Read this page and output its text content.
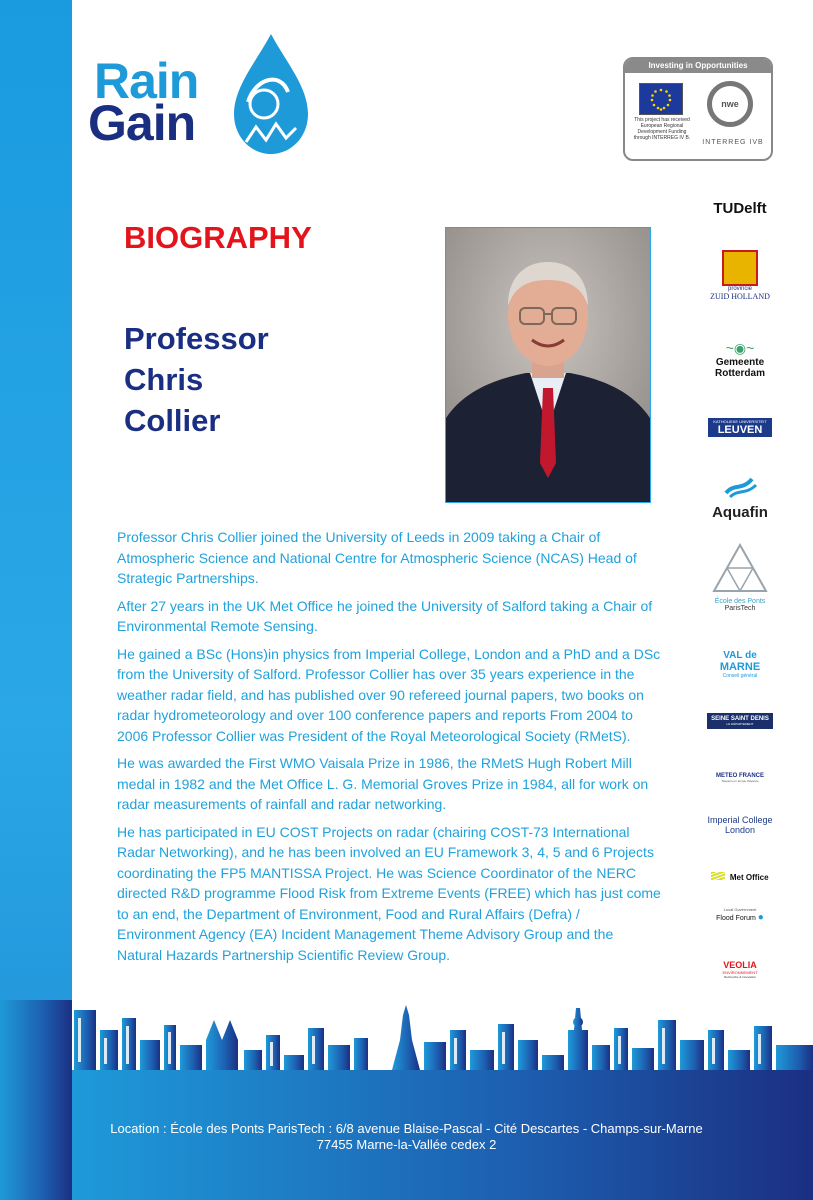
Rain
Gain
Investing in Opportunities
This project has received European Regional Development Funding through INTERREG IV B.
nwe
INTERREG IVB
BIOGRAPHY
Professor
Chris
Collier

Professor Chris Collier joined the University of Leeds in 2009 taking a Chair of Atmospheric Science and National Centre for Atmospheric Science (NCAS) Head of Strategic Partnerships.

After 27 years in the UK Met Office he joined the University of Salford taking a Chair of Environmental Remote Sensing.

He gained a BSc (Hons)in physics from Imperial College, London and a PhD and a DSc from the University of Salford. Professor Collier has over 35 years experience in the weather radar field, and has published over 90 refereed journal papers, two books on radar hydrometeorology and over 100 conference papers and reports From 2004 to 2006 Professor Collier was President of the Royal Meteorological Society (RMetS).

He was awarded the First WMO Vaisala Prize in 1986, the RMetS Hugh Robert Mill medal in 1982 and the Met Office L. G. Memorial Groves Prize in 1984, all for work on radar measurements of rainfall and radar networking.

He has participated in EU COST Projects on radar (chairing COST-73 International Radar Networking), and he has been involved an EU Framework 3, 4, 5 and 6 Projects coordinating the FP5 MANTISSA Project. He was Science Coordinator of the NERC directed R&D programme Flood Risk from Extreme Events (FREE) which has just come to an end, the Department of Environment, Food and Rural Affairs (Defra) / Environment Agency (EA) Incident Management Theme Advisory Group and the Natural Hazards Partnership Scientific Review Group.

TUDelft
provincie
ZUID HOLLAND
~◉~
Gemeente
Rotterdam
KATHOLIEKE UNIVERSITEIT
LEUVEN
Aquafin
École des Ponts
ParisTech
VAL de
MARNE
Conseil général
SEINE SAINT DENIS
LE DÉPARTEMENT
METEO FRANCE
Toujours un temps d'avance
Imperial College
London
Met Office
Local Government
Flood Forum ●
VEOLIA
ENVIRONNEMENT
Recherche & innovation
Location : École des Ponts ParisTech : 6/8 avenue Blaise-Pascal - Cité Descartes - Champs-sur-Marne
77455 Marne-la-Vallée cedex 2
